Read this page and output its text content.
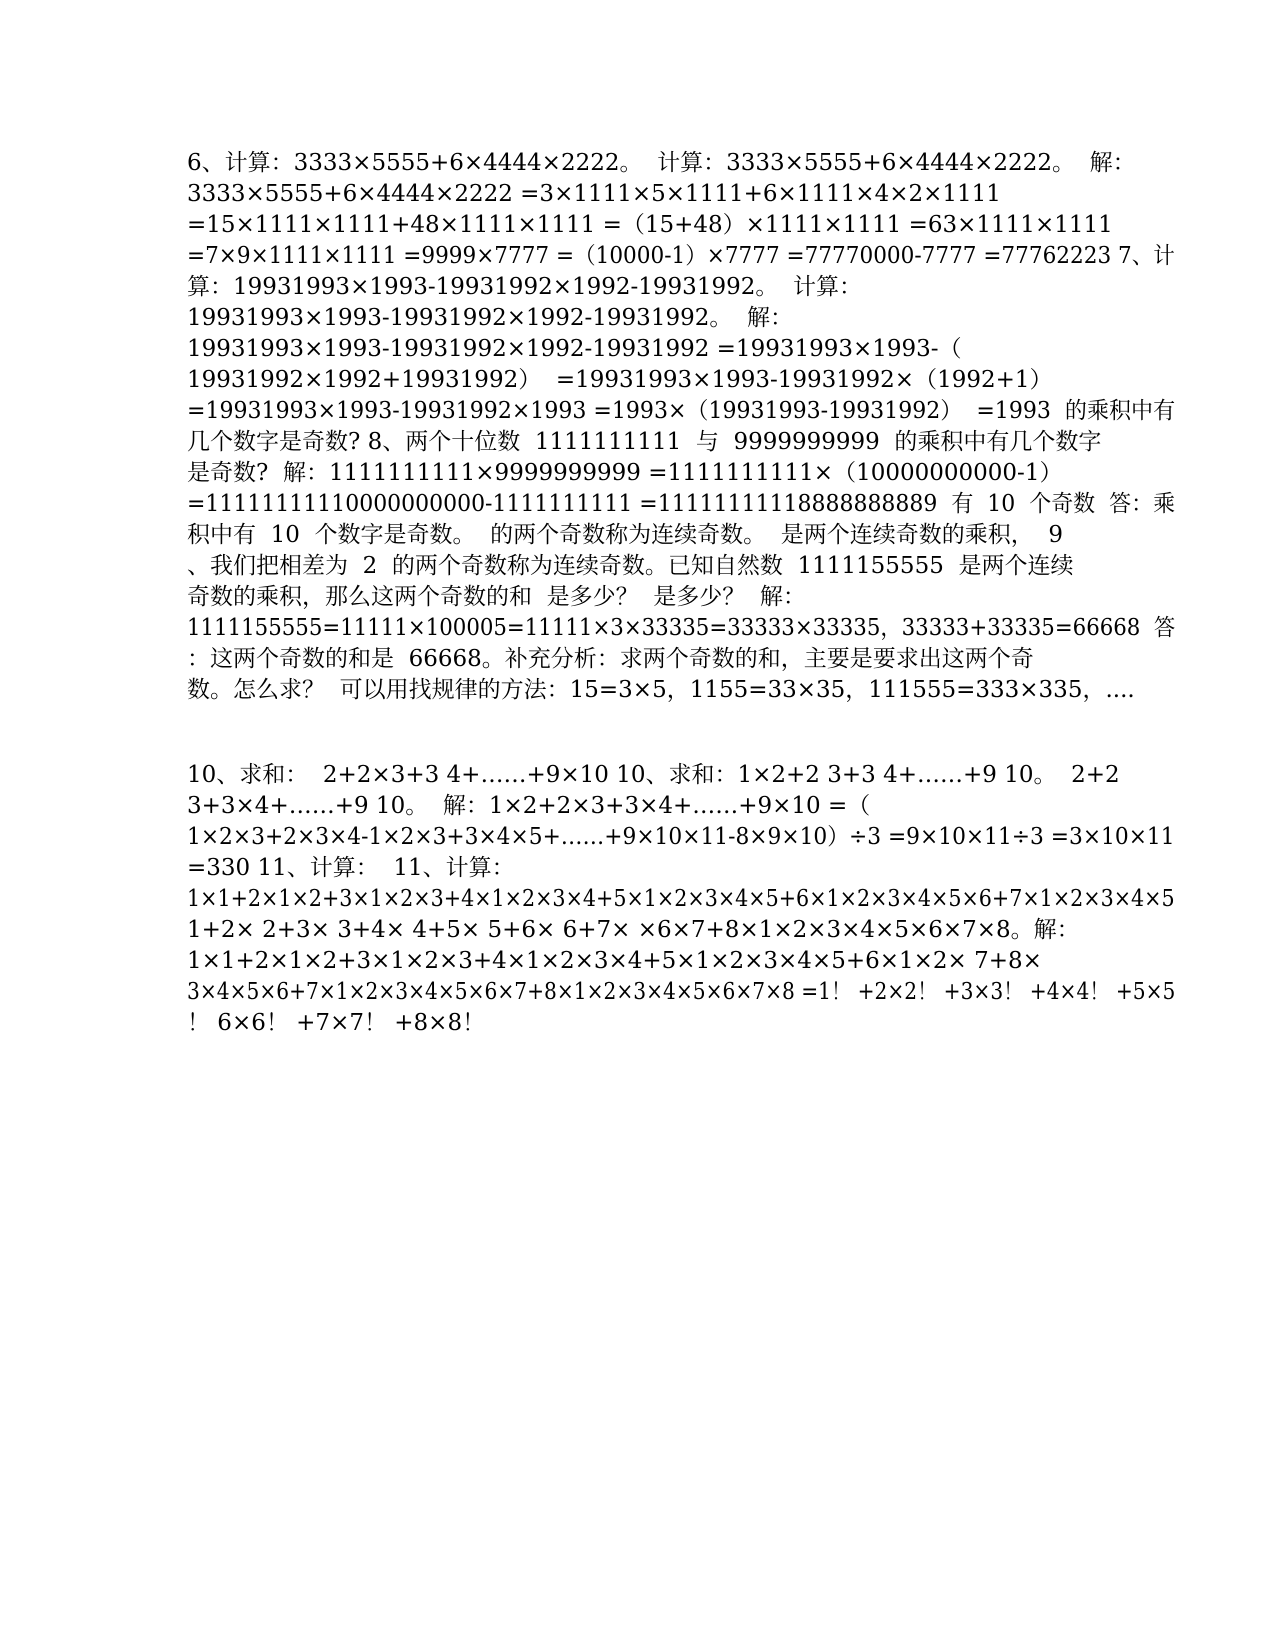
6、计算：3333×5555+6×4444×2222。  计算：3333×5555+6×4444×2222。  解：
3333×5555+6×4444×2222 =3×1111×5×1111+6×1111×4×2×1111
=15×1111×1111+48×1111×1111 =（15+48）×1111×1111 =63×1111×1111
=7×9×1111×1111 =9999×7777 =（10000-1）×7777 =77770000-7777 =77762223 7、计
算：19931993×1993-19931992×1992-19931992。  计算：
19931993×1993-19931992×1992-19931992。  解：
19931993×1993-19931992×1992-19931992 =19931993×1993-（
19931992×1992+19931992）  =19931993×1993-19931992×（1992+1）
=19931993×1993-19931992×1993 =1993×（19931993-19931992）  =1993  的乘积中有
几个数字是奇数? 8、两个十位数  1111111111  与  9999999999  的乘积中有几个数字
是奇数?  解：1111111111×9999999999 =1111111111×（10000000000-1）
=11111111110000000000-1111111111 =11111111118888888889  有  10  个奇数  答：乘
积中有  10  个数字是奇数。  的两个奇数称为连续奇数。  是两个连续奇数的乘积，  9
、我们把相差为  2  的两个奇数称为连续奇数。已知自然数  1111155555  是两个连续
奇数的乘积，那么这两个奇数的和  是多少？  是多少？  解：
1111155555=11111×100005=11111×3×33335=33333×33335，33333+33335=66668  答
：这两个奇数的和是  66668。补充分析：求两个奇数的和，主要是要求出这两个奇
数。怎么求？  可以用找规律的方法：15=3×5，1155=33×35，111555=333×335，....
10、求和：  2+2×3+3 4+……+9×10 10、求和：1×2+2 3+3 4+……+9 10。  2+2
3+3×4+……+9 10。  解：1×2+2×3+3×4+……+9×10 =（
1×2×3+2×3×4-1×2×3+3×4×5+……+9×10×11-8×9×10）÷3 =9×10×11÷3 =3×10×11
=330 11、计算：  11、计算：
1×1+2×1×2+3×1×2×3+4×1×2×3×4+5×1×2×3×4×5+6×1×2×3×4×5×6+7×1×2×3×4×5
1+2× 2+3× 3+4× 4+5× 5+6× 6+7× ×6×7+8×1×2×3×4×5×6×7×8。解：
1×1+2×1×2+3×1×2×3+4×1×2×3×4+5×1×2×3×4×5+6×1×2× 7+8×
3×4×5×6+7×1×2×3×4×5×6×7+8×1×2×3×4×5×6×7×8 =1！ +2×2！ +3×3！ +4×4！ +5×5
！ 6×6！ +7×7！ +8×8！
